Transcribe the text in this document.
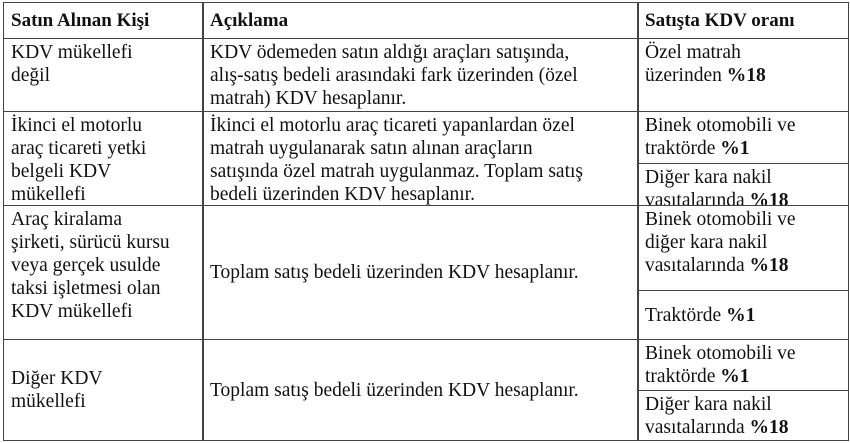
Satın Alınan Kişi	Açıklama	Satışta KDV oranı
KDV mükellefi
değil
KDV ödemeden satın aldığı araçları satışında,
alış-satış bedeli arasındaki fark üzerinden (özel
matrah) KDV hesaplanır.
Özel matrah
üzerinden %18
İkinci el motorlu
araç ticareti yetki
belgeli KDV
mükellefi
İkinci el motorlu araç ticareti yapanlardan özel
matrah uygulanarak satın alınan araçların
satışında özel matrah uygulanmaz. Toplam satış
bedeli üzerinden KDV hesaplanır.
Binek otomobili ve
traktörde %1
Diğer kara nakil
vasıtalarında %18
Araç kiralama
şirketi, sürücü kursu
veya gerçek usulde
taksi işletmesi olan
KDV mükellefi
Toplam satış bedeli üzerinden KDV hesaplanır.
Binek otomobili ve
diğer kara nakil
vasıtalarında %18
Traktörde %1
Diğer KDV
mükellefi
Toplam satış bedeli üzerinden KDV hesaplanır.
Binek otomobili ve
traktörde %1
Diğer kara nakil
vasıtalarında %18
